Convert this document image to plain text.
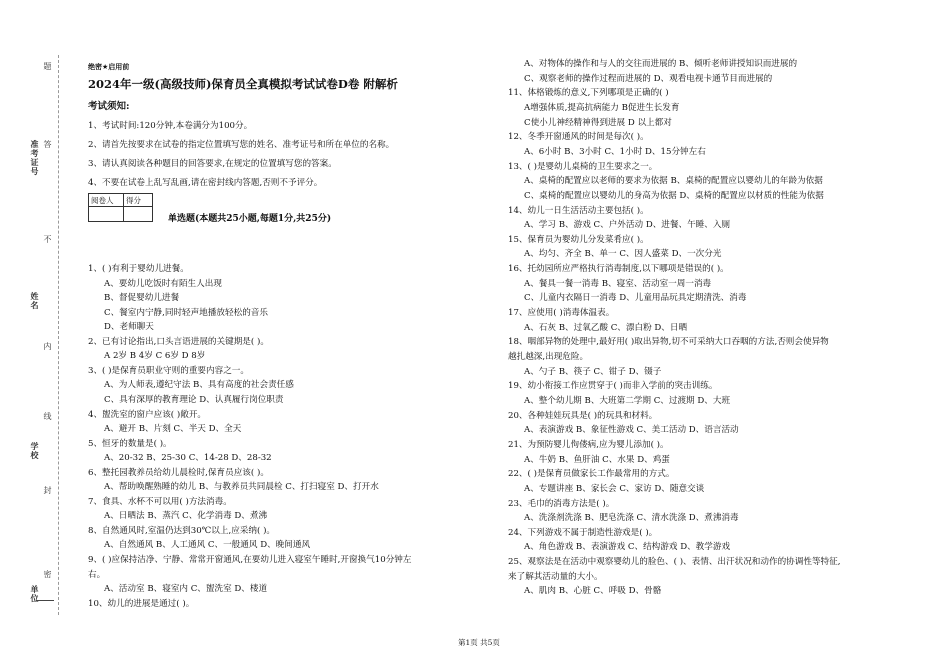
准考证号
姓名
学校
单位
题
答
不
内
线
封
密
绝密★启用前
2024年一级(高级技师)保育员全真模拟考试试卷D卷 附解析
考试须知:
1、考试时间:120分钟,本卷满分为100分。
2、请首先按要求在试卷的指定位置填写您的姓名、准考证号和所在单位的名称。
3、请认真阅读各种题目的回答要求,在规定的位置填写您的答案。
4、不要在试卷上乱写乱画,请在密封线内答题,否则不予评分。
阅卷人	得分

单选题(本题共25小题,每题1分,共25分)
1、( )有利于婴幼儿进餐。
A、要幼儿吃饭时有陌生人出现
B、督促婴幼儿进餐
C、餐室内宁静,同时轻声地播放轻松的音乐
D、老师聊天
2、已有讨论指出,口头言语进展的关键期是( )。
A 2岁 B 4岁 C 6岁 D 8岁
3、( )是保育员职业守则的重要内容之一。
A、为人师表,遵纪守法 B、具有高度的社会责任感
C、具有深厚的教育理论 D、认真履行岗位职责
4、盥洗室的窗户应该( )敞开。
A、避开 B、片刻 C、半天 D、全天
5、恒牙的数量是( )。
A、20-32 B、25-30 C、14-28 D、28-32
6、整托园教养员给幼儿晨检时,保育员应该( )。
A、帮助唤醒熟睡的幼儿 B、与教养员共同晨检 C、打扫寝室 D、打开水
7、食具、水杯不可以用( )方法消毒。
A、日晒法 B、蒸汽 C、化学消毒 D、煮沸
8、自然通风时,室温仍达到30℃以上,应采纳( )。
A、自然通风 B、人工通风 C、一般通风 D、晚间通风
9、( )应保持洁净、宁静、常常开窗通风,在要幼儿进入寝室午睡时,开窗换气10分钟左
右。
A、活动室 B、寝室内 C、盥洗室 D、楼道
10、幼儿的进展是通过( )。
A、对物体的操作和与人的交往而进展的 B、倾听老师讲授知识而进展的
C、观察老师的操作过程而进展的 D、观看电视卡通节目而进展的
11、体格锻炼的意义,下列哪项是正确的( )
A增强体质,提高抗病能力 B促进生长发育
C使小儿神经精神得到进展 D 以上都对
12、冬季开窗通风的时间是每次( )。
A、6小时 B、3小时 C、1小时 D、15分钟左右
13、( )是婴幼儿桌椅的卫生要求之一。
A、桌椅的配置应以老师的要求为依据 B、桌椅的配置应以婴幼儿的年龄为依据
C、桌椅的配置应以婴幼儿的身高为依据 D、桌椅的配置应以材质的性能为依据
14、幼儿一日生活活动主要包括( )。
A、学习 B、游戏 C、户外活动 D、进餐、午睡、入厕
15、保育员为婴幼儿分发菜肴应( )。
A、均匀、齐全 B、单一 C、因人盛菜 D、一次分光
16、托幼园所应严格执行消毒制度,以下哪项是错误的( )。
A、餐具一餐一消毒 B、寝室、活动室一周一消毒
C、儿童内衣隔日一消毒 D、儿童用品玩具定期清洗、消毒
17、应使用( )消毒体温表。
A、石灰 B、过氧乙酸 C、漂白粉 D、日晒
18、咽部异物的处理中,最好用( )取出异物,切不可采纳大口吞咽的方法,否则会使异物
越扎越深,出现危险。
A、勺子 B、筷子 C、钳子 D、镊子
19、幼小衔接工作应贯穿于( )而非入学前的突击训练。
A、整个幼儿期 B、大班第二学期 C、过渡期 D、大班
20、各种娃娃玩具是( )的玩具和材料。
A、表演游戏 B、象征性游戏 C、美工活动 D、语言活动
21、为预防婴儿佝偻病,应为婴儿添加( )。
A、牛奶 B、鱼肝油 C、水果 D、鸡蛋
22、( )是保育员做家长工作最常用的方式。
A、专题讲座 B、家长会 C、家访 D、随意交谈
23、毛巾的消毒方法是( )。
A、洗涤剂洗涤 B、肥皂洗涤 C、清水洗涤 D、煮沸消毒
24、下列游戏不属于制造性游戏是( )。
A、角色游戏 B、表演游戏 C、结构游戏 D、教学游戏
25、观察法是在活动中观察婴幼儿的脸色、( )、表情、出汗状况和动作的协调性等特征,
来了解其活动量的大小。
A、肌肉 B、心脏 C、呼吸 D、骨骼
第1页 共5页
